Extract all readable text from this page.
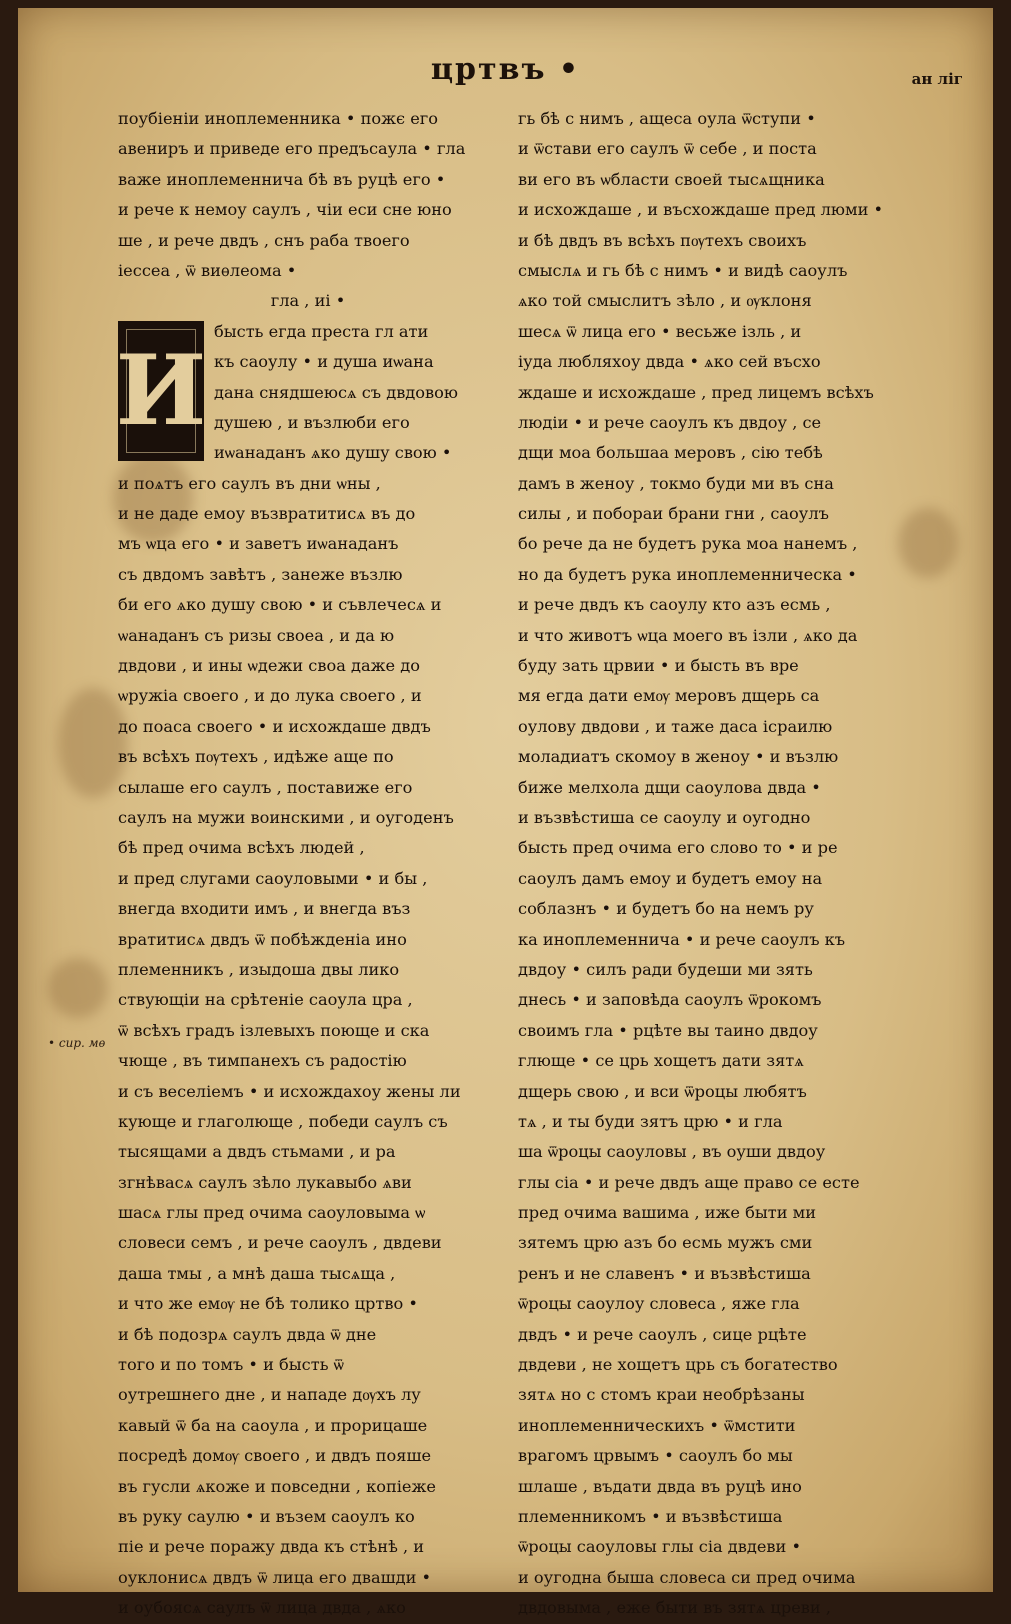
цртвъ •	ан ліг
• сир. мѳ
поубіеніи иноплеменника • пожє его
авениръ и приведе его предъсаула • гла
важе иноплеменнича бѣ въ руцѣ его •
и рече к немоу саулъ , чіи еси сне юно
ше , и рече двдъ , снъ раба твоего
іессеа , ѿ виѳлеома •
гла , иі •
И
бысть егда преста гл ати
къ саоулу • и душа иѡана
дана снядшеюсѧ съ двдовою
душею , и възлюби его
иѡанаданъ ѧко душу свою •
и поѧтъ его саулъ въ дни ѡны ,
и не даде емоу възвратитисѧ въ до
мъ ѡца его • и заветъ иѡанаданъ
съ двдомъ завѣтъ , занеже възлю
би его ѧко душу свою • и съвлечесѧ и
ѡанаданъ съ ризы своеа , и да ю
двдови , и ины ѡдежи своа даже до
ѡружіа своего , и до лука своего , и
до поаса своего • и исхождаше двдъ
въ всѣхъ пѹтехъ , идѣже аще по
сылаше его саулъ , поставиже его
саулъ на мужи воинскими , и оугоденъ
бѣ пред очима всѣхъ людей ,
и пред слугами саоуловыми • и бы ,
внегда входити имъ , и внегда въз
вратитисѧ двдъ ѿ побѣжденіа ино
племенникъ , изыдоша двы лико
ствующіи на срѣтеніе саоула цра ,
ѿ всѣхъ градъ ізлевыхъ поюще и ска
чюще , въ тимпанехъ съ радостію
и съ веселіемъ • и исхождахоу жены ли
кующе и глаголюще , победи саулъ съ
тысящами а двдъ стьмами , и ра
згнѣвасѧ саулъ зѣло лукавыбо ѧви
шасѧ глы пред очима саоуловыма ѡ
словеси семъ , и рече саоулъ , двдеви
даша тмы , а мнѣ даша тысѧща ,
и что же емѹ не бѣ толико цртво •
и бѣ подозрѧ саулъ двда ѿ дне
того и по томъ • и бысть ѿ
оутрешнего дне , и нападе дѹхъ лу
кавый ѿ ба на саоула , и прорицаше
посредѣ домѹ своего , и двдъ пояше
въ гусли ѧкоже и повседни , копіеже
въ руку саулю • и възем саоулъ ко
піе и рече поражу двда къ стѣнѣ , и
оуклонисѧ двдъ ѿ лица его двашди •
и оубоясѧ саулъ ѿ лица двда , ѧко
гь бѣ с нимъ , ащеса оула ѿступи •
и ѿстави его саулъ ѿ себе , и поста
ви его въ ѡбласти своей тысѧщника
и исхождаше , и въсхождаше пред люми •
и бѣ двдъ въ всѣхъ пѹтехъ своихъ
смыслѧ и гь бѣ с нимъ • и видѣ саоулъ
ѧко той смыслитъ зѣло , и ѹклоня
шесѧ ѿ лица его • весьже ізль , и
іуда любляхоу двда • ѧко сей въсхо
ждаше и исхождаше , пред лицемъ всѣхъ
людіи • и рече саоулъ къ двдоу , се
дщи моа большаа меровъ , сію тебѣ
дамъ в женоу , токмо буди ми въ сна
силы , и побораи брани гни , саоулъ
бо рече да не будетъ рука моа нанемъ ,
но да будетъ рука иноплеменническа •
и рече двдъ къ саоулу кто азъ есмь ,
и что животъ ѡца моего въ ізли , ѧко да
буду зать црвии • и бысть въ вре
мя егда дати емѹ меровъ дщерь са
оулову двдови , и таже даса ісраилю
моладиатъ скомоу в женоу • и възлю
биже мелхола дщи саоулова двда •
и възвѣстиша се саоулу и оугодно
бысть пред очима его слово то • и ре
саоулъ дамъ емоу и будетъ емоу на
соблазнъ • и будетъ бо на немъ ру
ка иноплеменнича • и рече саоулъ къ
двдоу • силъ ради будеши ми зять
днесь • и заповѣда саоулъ ѿрокомъ
своимъ гла • рцѣте вы таино двдоу
глюще • се црь хощетъ дати зятѧ
дщерь свою , и вси ѿроцы любятъ
тѧ , и ты буди зятъ црю • и гла
ша ѿроцы саоуловы , въ оуши двдоу
глы сіа • и рече двдъ аще право се есте
пред очима вашима , иже быти ми
зятемъ црю азъ бо есмь мужъ сми
ренъ и не славенъ • и възвѣстиша
ѿроцы саоулоу словеса , яже гла
двдъ • и рече саоулъ , сице рцѣте
двдеви , не хощетъ црь съ богатество
зятѧ но с стомъ краи необрѣзаны
иноплеменническихъ • ѿмстити
врагомъ црвымъ • саоулъ бо мы
шлаше , въдати двда въ руцѣ ино
племенникомъ • и възвѣстиша
ѿроцы саоуловы глы сіа двдеви •
и оугодна быша словеса си пред очима
двдовыма , еже быти въ зятѧ цреви ,
